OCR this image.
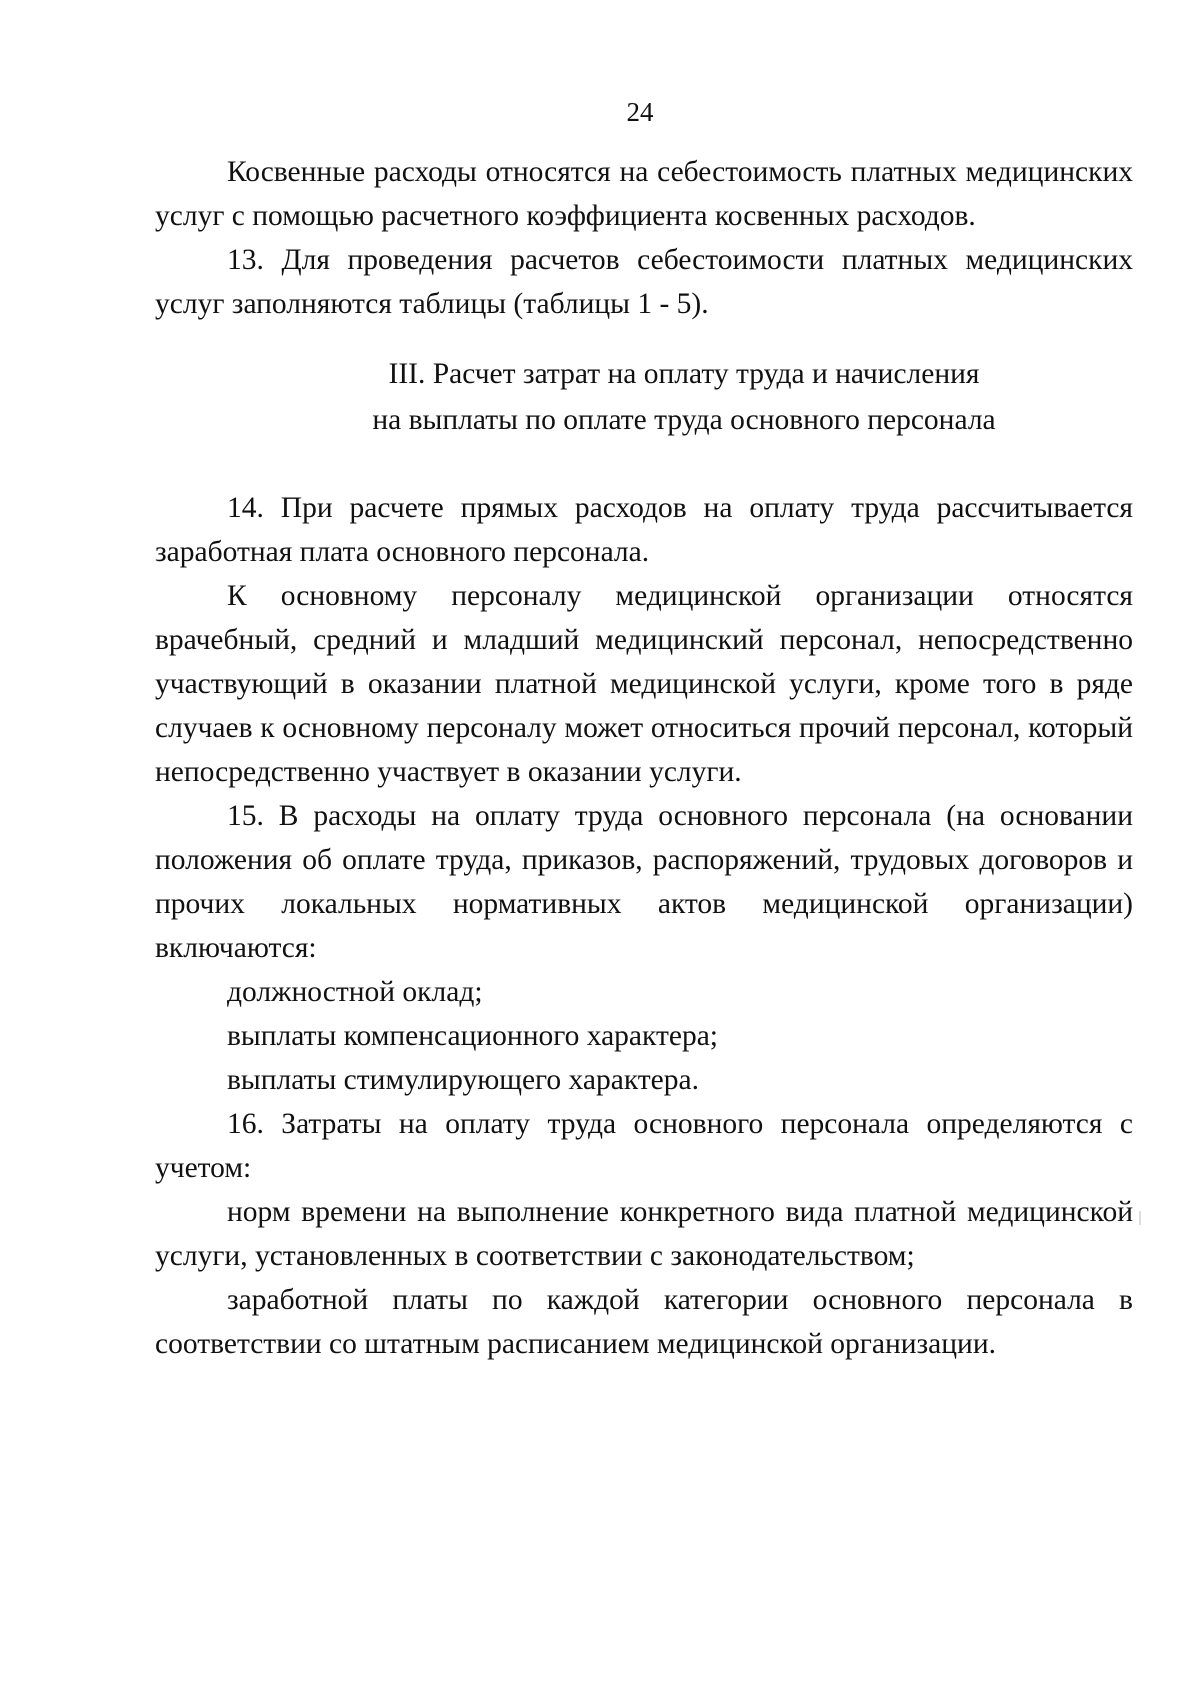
24

Косвенные расходы относятся на себестоимость платных медицинских услуг с помощью расчетного коэффициента косвенных расходов.

13. Для проведения расчетов себестоимости платных медицинских услуг заполняются таблицы (таблицы 1 - 5).

III. Расчет затрат на оплату труда и начисления
на выплаты по оплате труда основного персонала

14. При расчете прямых расходов на оплату труда рассчитывается заработная плата основного персонала.

К основному персоналу медицинской организации относятся врачебный, средний и младший медицинский персонал, непосредственно участвующий в оказании платной медицинской услуги, кроме того в ряде случаев к основному персоналу может относиться прочий персонал, который непосредственно участвует в оказании услуги.

15. В расходы на оплату труда основного персонала (на основании положения об оплате труда, приказов, распоряжений, трудовых договоров и прочих локальных нормативных актов медицинской организации) включаются:

должностной оклад;

выплаты компенсационного характера;

выплаты стимулирующего характера.

16. Затраты на оплату труда основного персонала определяются с учетом:

норм времени на выполнение конкретного вида платной медицинской услуги, установленных в соответствии с законодательством;

заработной платы по каждой категории основного персонала в соответствии со штатным расписанием медицинской организации.
